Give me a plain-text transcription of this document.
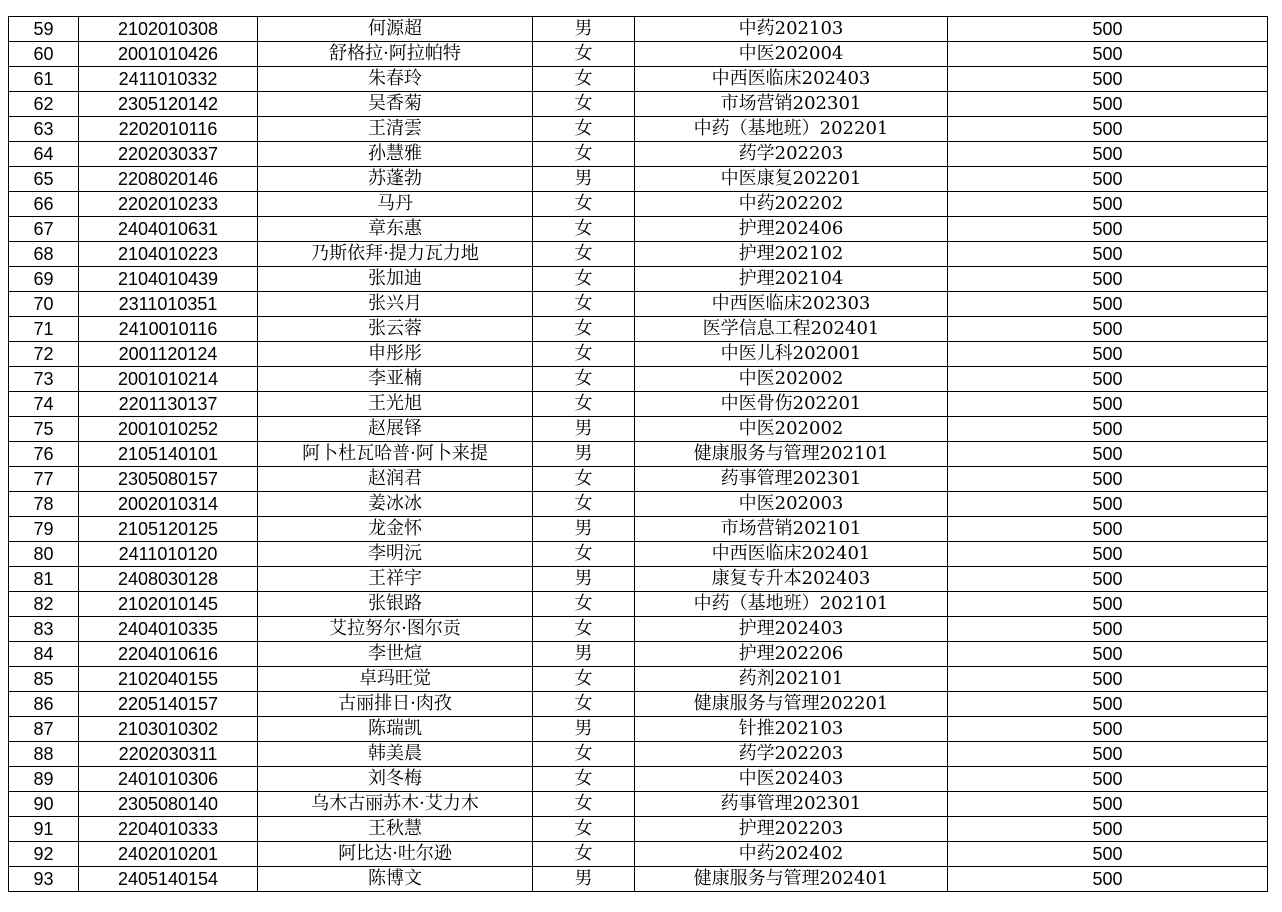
59	2102010308	何源超	男	中药202103	500
60	2001010426	舒格拉·阿拉帕特	女	中医202004	500
61	2411010332	朱春玲	女	中西医临床202403	500
62	2305120142	吴香菊	女	市场营销202301	500
63	2202010116	王清雲	女	中药（基地班）202201	500
64	2202030337	孙慧雅	女	药学202203	500
65	2208020146	苏蓬勃	男	中医康复202201	500
66	2202010233	马丹	女	中药202202	500
67	2404010631	章东惠	女	护理202406	500
68	2104010223	乃斯依拜·提力瓦力地	女	护理202102	500
69	2104010439	张加迪	女	护理202104	500
70	2311010351	张兴月	女	中西医临床202303	500
71	2410010116	张云蓉	女	医学信息工程202401	500
72	2001120124	申彤彤	女	中医儿科202001	500
73	2001010214	李亚楠	女	中医202002	500
74	2201130137	王光旭	女	中医骨伤202201	500
75	2001010252	赵展铎	男	中医202002	500
76	2105140101	阿卜杜瓦哈普·阿卜来提	男	健康服务与管理202101	500
77	2305080157	赵润君	女	药事管理202301	500
78	2002010314	姜冰冰	女	中医202003	500
79	2105120125	龙金怀	男	市场营销202101	500
80	2411010120	李明沅	女	中西医临床202401	500
81	2408030128	王祥宇	男	康复专升本202403	500
82	2102010145	张银路	女	中药（基地班）202101	500
83	2404010335	艾拉努尔·图尔贡	女	护理202403	500
84	2204010616	李世煊	男	护理202206	500
85	2102040155	卓玛旺觉	女	药剂202101	500
86	2205140157	古丽排日·肉孜	女	健康服务与管理202201	500
87	2103010302	陈瑞凯	男	针推202103	500
88	2202030311	韩美晨	女	药学202203	500
89	2401010306	刘冬梅	女	中医202403	500
90	2305080140	乌木古丽苏木·艾力木	女	药事管理202301	500
91	2204010333	王秋慧	女	护理202203	500
92	2402010201	阿比达·吐尔逊	女	中药202402	500
93	2405140154	陈博文	男	健康服务与管理202401	500
